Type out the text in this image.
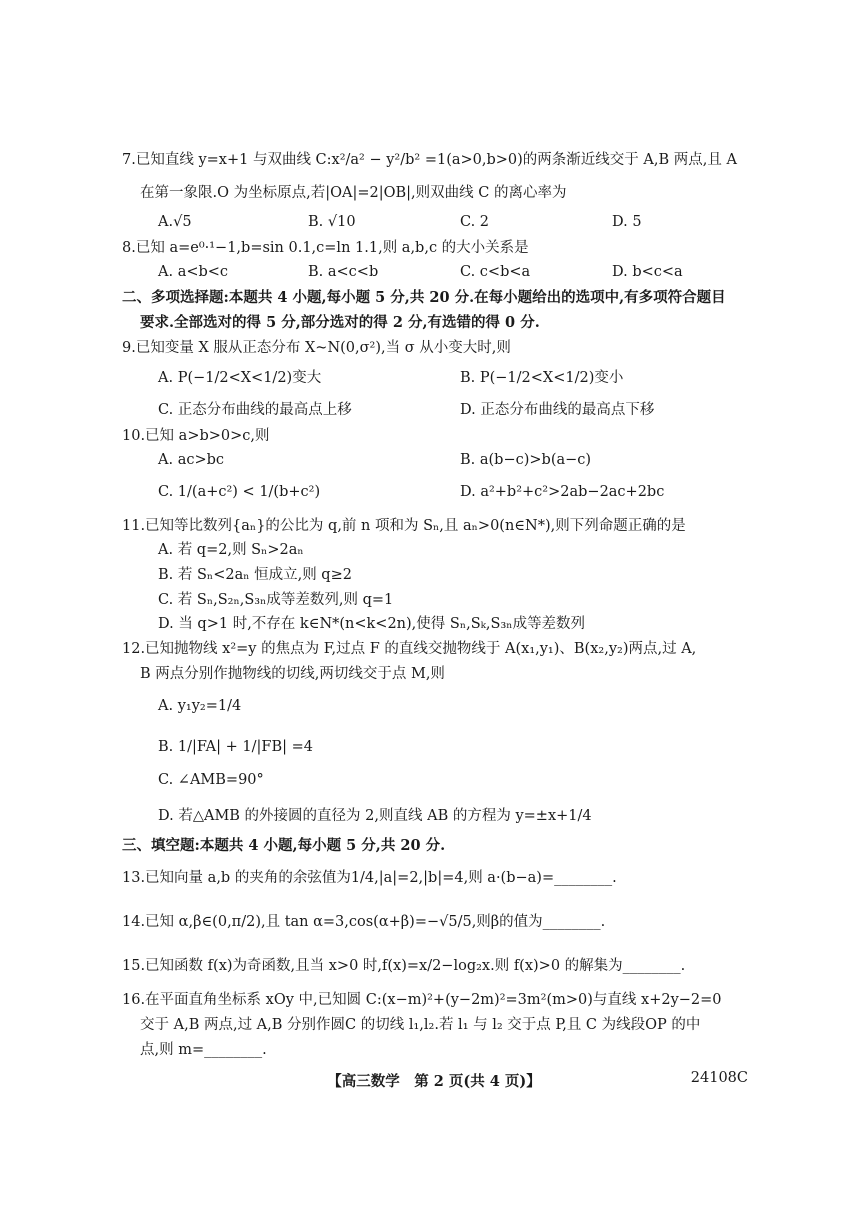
7.已知直线 y=x+1 与双曲线 C:x²/a² − y²/b² =1(a>0,b>0)的两条渐近线交于 A,B 两点,且 A
在第一象限.O 为坐标原点,若|OA|=2|OB|,则双曲线 C 的离心率为
A.√5	B. √10	C. 2	D. 5
8.已知 a=e⁰·¹−1,b=sin 0.1,c=ln 1.1,则 a,b,c 的大小关系是
A. a<b<c	B. a<c<b	C. c<b<a	D. b<c<a
二、多项选择题:本题共 4 小题,每小题 5 分,共 20 分.在每小题给出的选项中,有多项符合题目
要求.全部选对的得 5 分,部分选对的得 2 分,有选错的得 0 分.
9.已知变量 X 服从正态分布 X~N(0,σ²),当 σ 从小变大时,则
A. P(−1/2<X<1/2)变大	B. P(−1/2<X<1/2)变小
C. 正态分布曲线的最高点上移	D. 正态分布曲线的最高点下移
10.已知 a>b>0>c,则
A. ac>bc	B. a(b−c)>b(a−c)
C. 1/(a+c²) < 1/(b+c²)	D. a²+b²+c²>2ab−2ac+2bc
11.已知等比数列{aₙ}的公比为 q,前 n 项和为 Sₙ,且 aₙ>0(n∈N*),则下列命题正确的是
A. 若 q=2,则 Sₙ>2aₙ
B. 若 Sₙ<2aₙ 恒成立,则 q≥2
C. 若 Sₙ,S₂ₙ,S₃ₙ成等差数列,则 q=1
D. 当 q>1 时,不存在 k∈N*(n<k<2n),使得 Sₙ,Sₖ,S₃ₙ成等差数列
12.已知抛物线 x²=y 的焦点为 F,过点 F 的直线交抛物线于 A(x₁,y₁)、B(x₂,y₂)两点,过 A,
B 两点分别作抛物线的切线,两切线交于点 M,则
A. y₁y₂=1/4
B. 1/|FA| + 1/|FB| =4
C. ∠AMB=90°
D. 若△AMB 的外接圆的直径为 2,则直线 AB 的方程为 y=±x+1/4
三、填空题:本题共 4 小题,每小题 5 分,共 20 分.
13.已知向量 a,b 的夹角的余弦值为1/4,|a|=2,|b|=4,则 a·(b−a)=________.
14.已知 α,β∈(0,π/2),且 tan α=3,cos(α+β)=−√5/5,则β的值为________.
15.已知函数 f(x)为奇函数,且当 x>0 时,f(x)=x/2−log₂x.则 f(x)>0 的解集为________.
16.在平面直角坐标系 xOy 中,已知圆 C:(x−m)²+(y−2m)²=3m²(m>0)与直线 x+2y−2=0
交于 A,B 两点,过 A,B 分别作圆C 的切线 l₁,l₂.若 l₁ 与 l₂ 交于点 P,且 C 为线段OP 的中
点,则 m=________.
【高三数学　第 2 页(共 4 页)】	24108C
